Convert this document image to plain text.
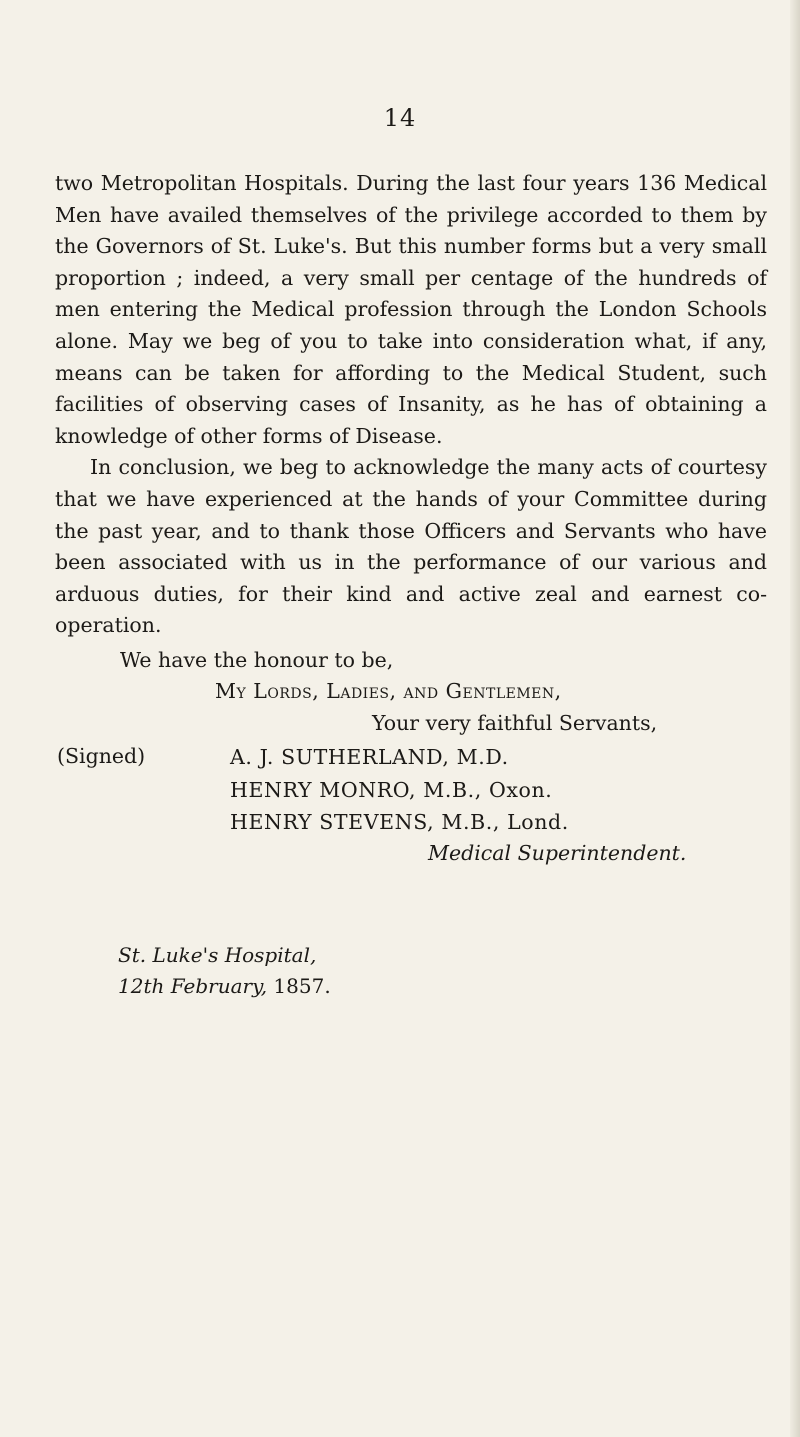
14

two Metropolitan Hospitals. During the last four years 136 Medical Men have availed themselves of the privilege accorded to them by the Governors of St. Luke's. But this number forms but a very small proportion ; indeed, a very small per centage of the hundreds of men entering the Medical profession through the London Schools alone. May we beg of you to take into consideration what, if any, means can be taken for affording to the Medical Student, such facilities of observing cases of Insanity, as he has of obtaining a knowledge of other forms of Disease.

In conclusion, we beg to acknowledge the many acts of courtesy that we have experienced at the hands of your Committee during the past year, and to thank those Officers and Servants who have been associated with us in the performance of our various and arduous duties, for their kind and active zeal and earnest co-operation.

We have the honour to be,
My Lords, Ladies, and Gentlemen,
Your very faithful Servants,
(Signed)	A. J. SUTHERLAND, M.D.
HENRY MONRO, M.B., Oxon.
HENRY STEVENS, M.B., Lond.
Medical Superintendent.
St. Luke's Hospital,
12th February, 1857.
